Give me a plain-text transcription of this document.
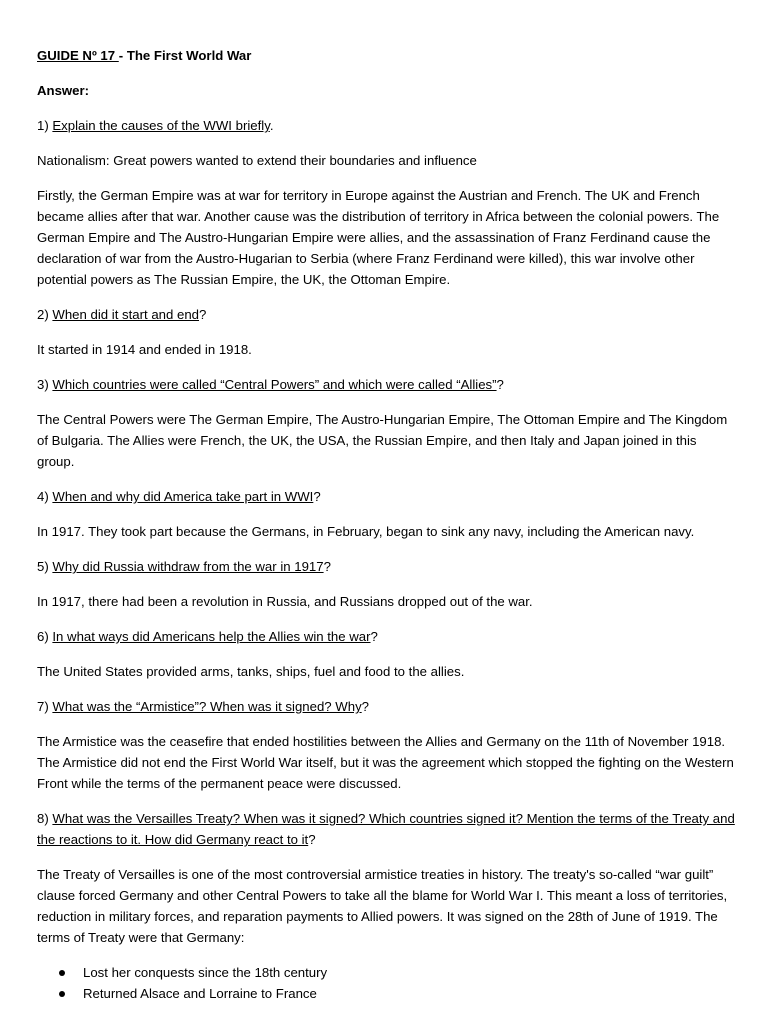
GUIDE Nº 17 - The First World War

Answer:

1) Explain the causes of the WWI briefly.

Nationalism: Great powers wanted to extend their boundaries and influence

Firstly, the German Empire was at war for territory in Europe against the Austrian and French. The UK and French became allies after that war. Another cause was the distribution of territory in Africa between the colonial powers. The German Empire and The Austro-Hungarian Empire were allies, and the assassination of Franz Ferdinand cause the declaration of war from the Austro-Hugarian to Serbia (where Franz Ferdinand were killed), this war involve other potential powers as The Russian Empire, the UK, the Ottoman Empire.

2) When did it start and end?

It started in 1914 and ended in 1918.

3) Which countries were called “Central Powers” and which were called “Allies”?

The Central Powers were The German Empire, The Austro-Hungarian Empire, The Ottoman Empire and The Kingdom of Bulgaria. The Allies were French, the UK, the USA, the Russian Empire, and then Italy and Japan joined in this group.

4) When and why did America take part in WWI?

In 1917. They took part because the Germans, in February, began to sink any navy, including the American navy.

5) Why did Russia withdraw from the war in 1917?

In 1917, there had been a revolution in Russia, and Russians dropped out of the war.

6) In what ways did Americans help the Allies win the war?

The United States provided arms, tanks, ships, fuel and food to the allies.

7) What was the “Armistice”? When was it signed? Why?

The Armistice was the ceasefire that ended hostilities between the Allies and Germany on the 11th of November 1918. The Armistice did not end the First World War itself, but it was the agreement which stopped the fighting on the Western Front while the terms of the permanent peace were discussed.

8) What was the Versailles Treaty? When was it signed? Which countries signed it? Mention the terms of the Treaty and the reactions to it. How did Germany react to it?

The Treaty of Versailles is one of the most controversial armistice treaties in history. The treaty's so-called “war guilt” clause forced Germany and other Central Powers to take all the blame for World War I. This meant a loss of territories, reduction in military forces, and reparation payments to Allied powers. It was signed on the 28th of June of 1919. The terms of Treaty were that Germany:

Lost her conquests since the 18th century
Returned Alsace and Lorraine to France
